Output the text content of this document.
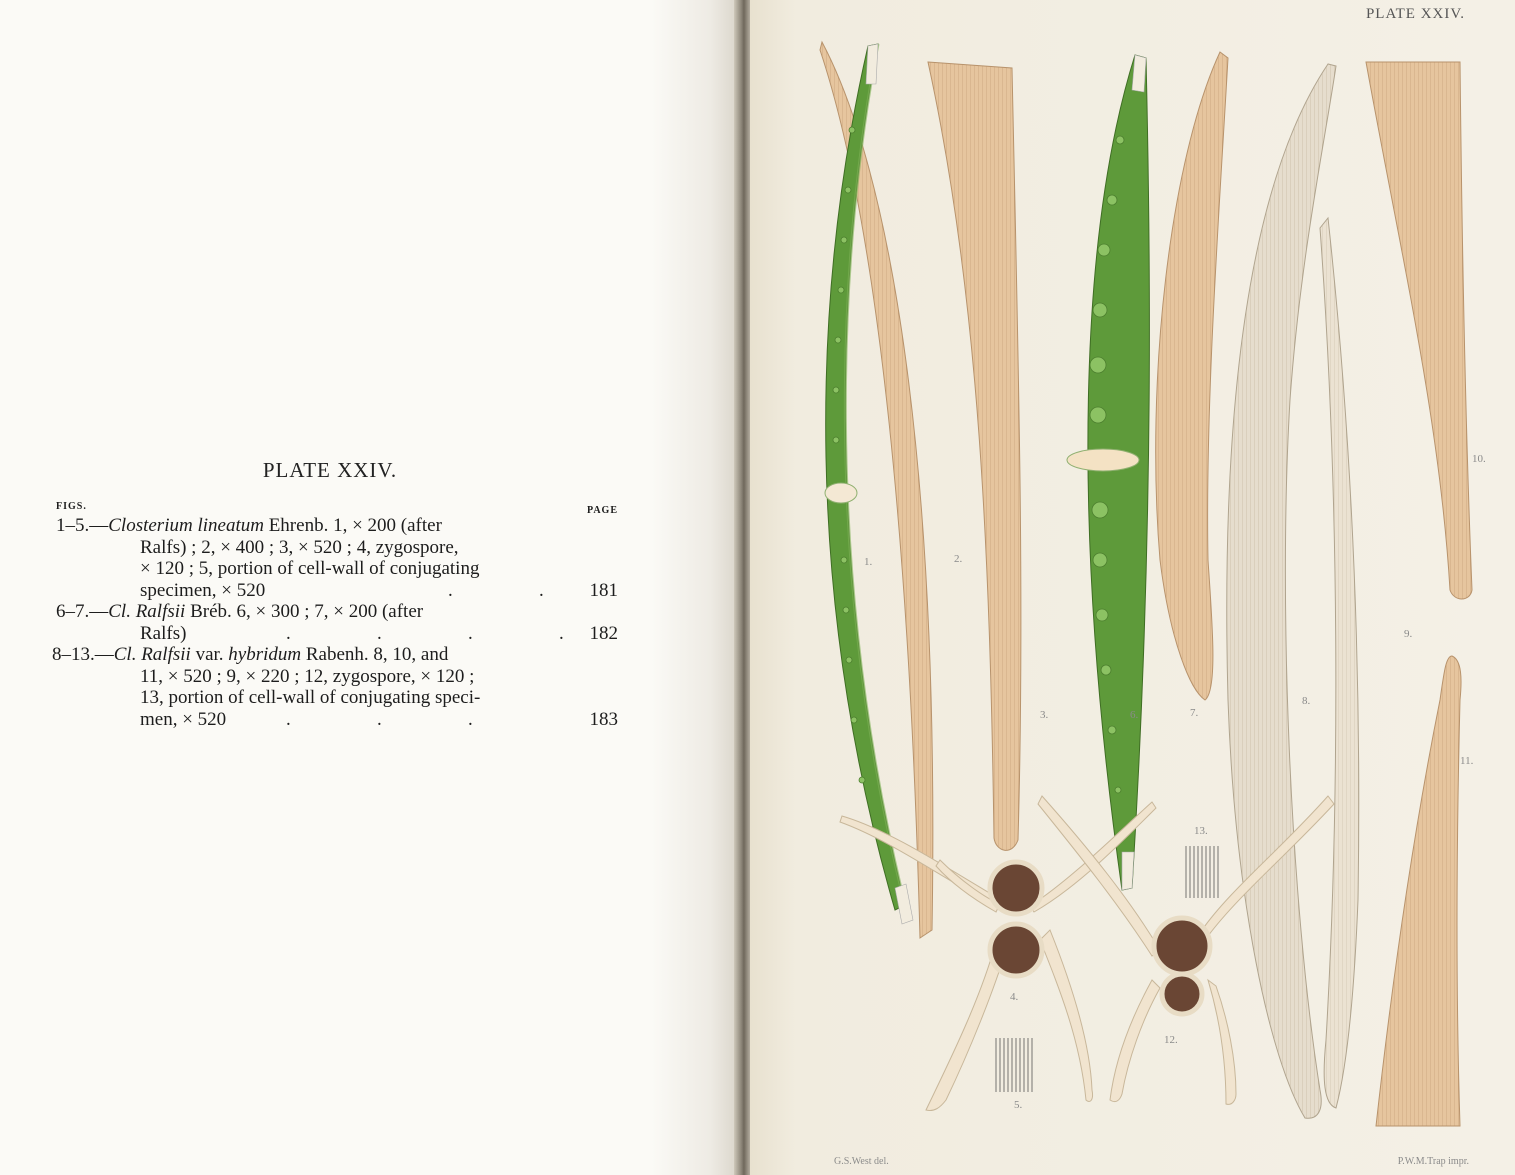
PLATE XXIV.
FIGS.	PAGE
1–5.—Closterium lineatum Ehrenb. 1, × 200 (after
Ralfs) ; 2, × 400 ; 3, × 520 ; 4, zygospore,
× 120 ; 5, portion of cell-wall of conjugating
specimen, × 520	.	.	181
6–7.—Cl. Ralfsii Bréb. 6, × 300 ; 7, × 200 (after
Ralfs)	.	.	.	.	182
8–13.—Cl. Ralfsii var. hybridum Rabenh. 8, 10, and
11, × 520 ; 9, × 220 ; 12, zygospore, × 120 ;
13, portion of cell-wall of conjugating speci-
men, × 520	.	.	.	183
PLATE XXIV.
1.	2.
3.
4.
5.
6.	7.
8.
9.
10.
11.
12.
13.
G.S.West del.	P.W.M.Trap impr.
